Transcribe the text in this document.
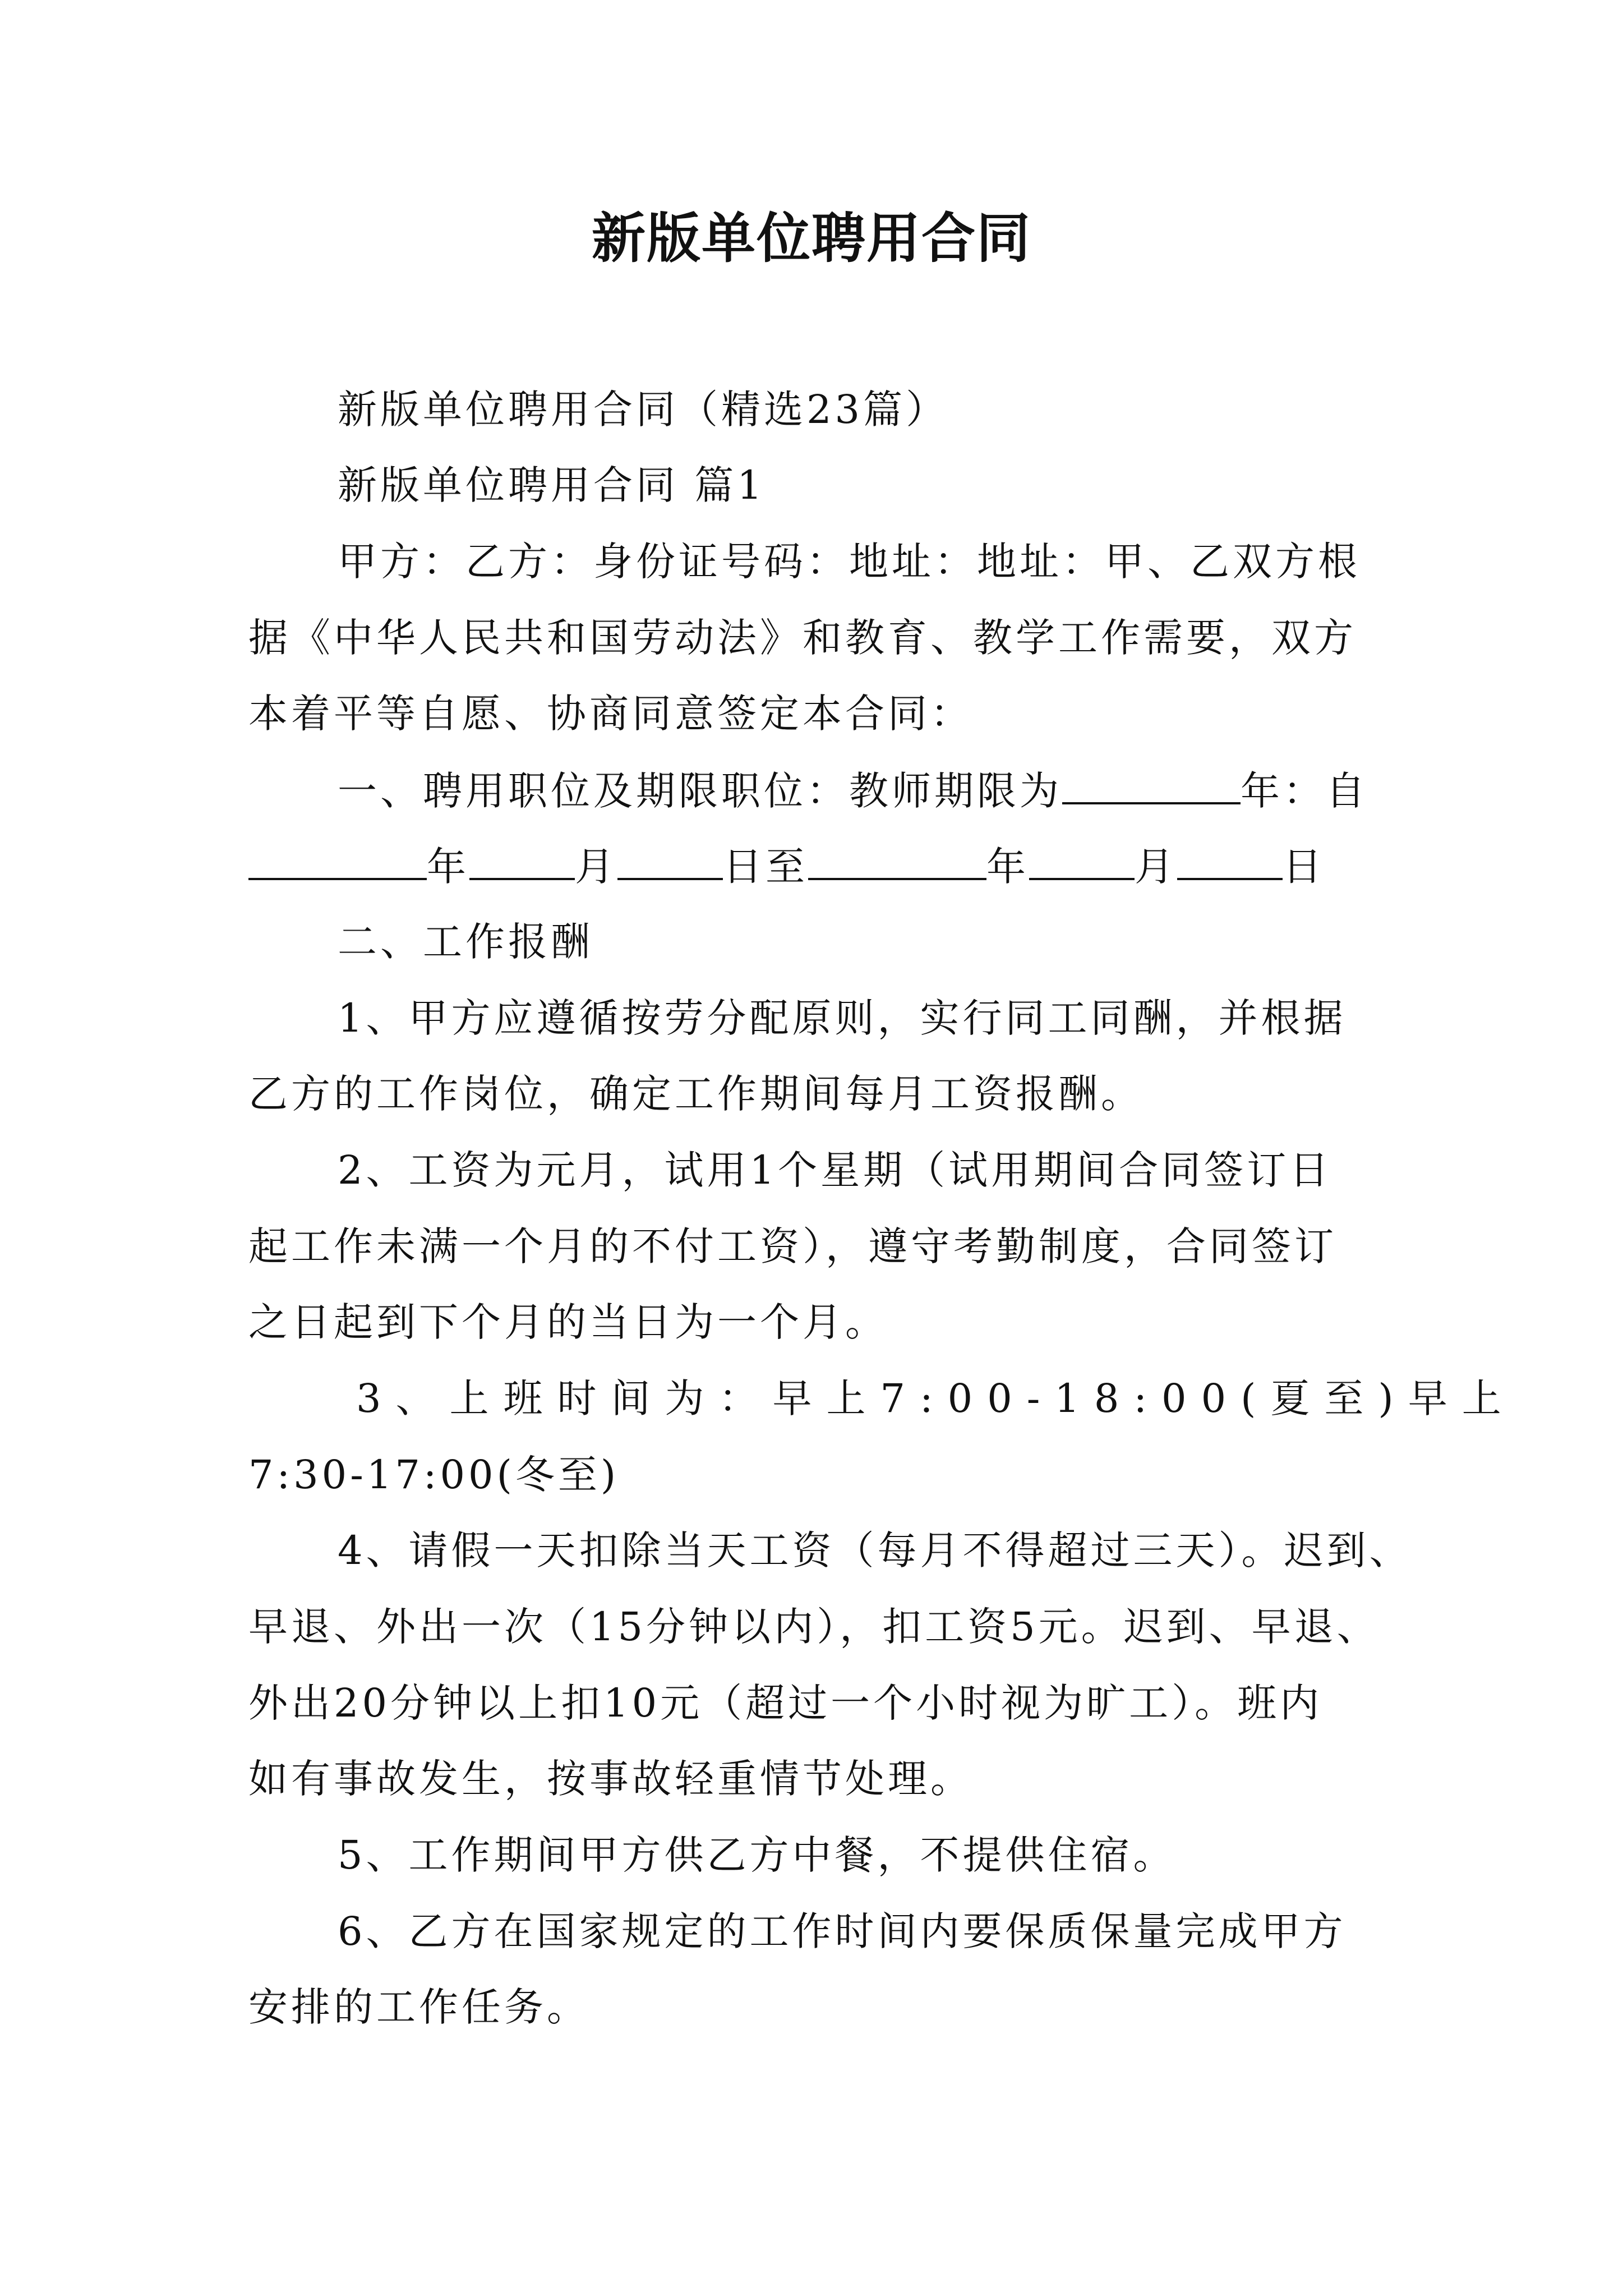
新版单位聘用合同
新版单位聘用合同（精选23篇）
新版单位聘用合同 篇1
甲方：乙方：身份证号码：地址：地址：甲、乙双方根
据《中华人民共和国劳动法》和教育、教学工作需要，双方
本着平等自愿、协商同意签定本合同：
一、聘用职位及期限职位：教师期限为	年：自
年	月	日至	年	月	日
二、工作报酬
1、甲方应遵循按劳分配原则，实行同工同酬，并根据
乙方的工作岗位，确定工作期间每月工资报酬。
2、工资为元月，试用1个星期（试用期间合同签订日
起工作未满一个月的不付工资），遵守考勤制度，合同签订
之日起到下个月的当日为一个月。
3、上班时间为：早上7:00-18:00(夏至)早上
7:30-17:00(冬至)
4、请假一天扣除当天工资（每月不得超过三天）。迟到、
早退、外出一次（15分钟以内），扣工资5元。迟到、早退、
外出20分钟以上扣10元（超过一个小时视为旷工）。班内
如有事故发生，按事故轻重情节处理。
5、工作期间甲方供乙方中餐，不提供住宿。
6、乙方在国家规定的工作时间内要保质保量完成甲方
安排的工作任务。
